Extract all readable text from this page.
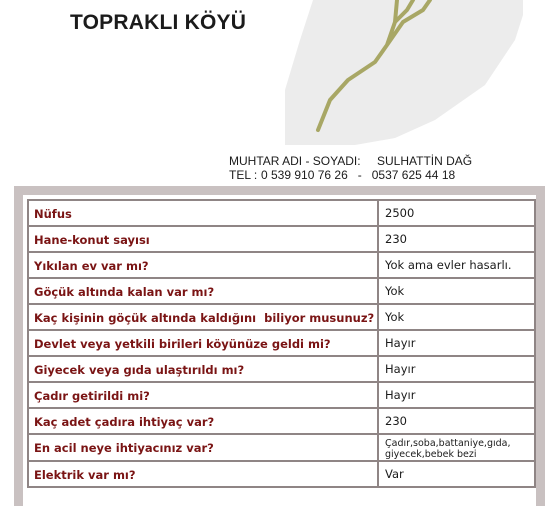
TOPRAKLI KÖYÜ
MUHTAR ADI - SOYADI: SULHATTİN DAĞ
TEL : 0 539 910 76 26   -   0537 625 44 18
Nüfus	2500
Hane-konut sayısı	230
Yıkılan ev var mı?	Yok ama evler hasarlı.
Göçük altında kalan var mı?	Yok
Kaç kişinin göçük altında kaldığını  biliyor musunuz?	Yok
Devlet veya yetkili birileri köyünüze geldi mi?	Hayır
Giyecek veya gıda ulaştırıldı mı?	Hayır
Çadır getirildi mi?	Hayır
Kaç adet çadıra ihtiyaç var?	230
En acil neye ihtiyacınız var?	Çadır,soba,battaniye,gıda, giyecek,bebek bezi
Elektrik var mı?	Var
